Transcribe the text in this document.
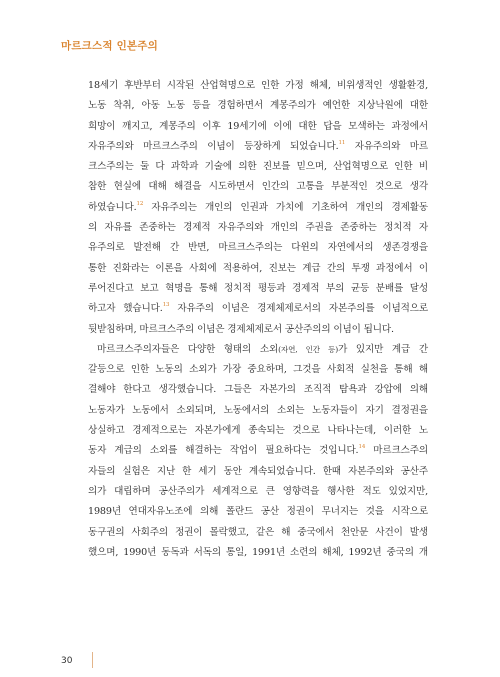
마르크스적 인본주의
18세기 후반부터 시작된 산업혁명으로 인한 가정 해체, 비위생적인 생활환경,
노동 착취, 아동 노동 등을 경험하면서 계몽주의가 예언한 지상낙원에 대한
희망이 깨지고, 계몽주의 이후 19세기에 이에 대한 답을 모색하는 과정에서
자유주의와 마르크스주의 이념이 등장하게 되었습니다.$^{11}$ 자유주의와 마르
크스주의는 둘 다 과학과 기술에 의한 진보를 믿으며, 산업혁명으로 인한 비
참한 현실에 대해 해결을 시도하면서 인간의 고통을 부분적인 것으로 생각
하였습니다.$^{12}$ 자유주의는 개인의 인권과 가치에 기초하여 개인의 경제활동
의 자유를 존중하는 경제적 자유주의와 개인의 주권을 존중하는 정치적 자
유주의로 발전해 간 반면, 마르크스주의는 다윈의 자연에서의 생존경쟁을
통한 진화라는 이론을 사회에 적용하여, 진보는 계급 간의 투쟁 과정에서 이
루어진다고 보고 혁명을 통해 정치적 평등과 경제적 부의 균등 분배를 달성
하고자 했습니다.$^{13}$ 자유주의 이념은 경제체제로서의 자본주의를 이념적으로
뒷받침하며, 마르크스주의 이념은 경제체제로서 공산주의의 이념이 됩니다.
마르크스주의자들은 다양한 형태의 소외(자연, 인간 등)가 있지만 계급 간
갈등으로 인한 노동의 소외가 가장 중요하며, 그것을 사회적 실천을 통해 해
결해야 한다고 생각했습니다. 그들은 자본가의 조직적 탐욕과 강압에 의해
노동자가 노동에서 소외되며, 노동에서의 소외는 노동자들이 자기 결정권을
상실하고 경제적으로는 자본가에게 종속되는 것으로 나타나는데, 이러한 노
동자 계급의 소외를 해결하는 작업이 필요하다는 것입니다.$^{14}$ 마르크스주의
자들의 실험은 지난 한 세기 동안 계속되었습니다. 한때 자본주의와 공산주
의가 대립하며 공산주의가 세계적으로 큰 영향력을 행사한 적도 있었지만,
1989년 연대자유노조에 의해 폴란드 공산 정권이 무너지는 것을 시작으로
동구권의 사회주의 정권이 몰락했고, 같은 해 중국에서 천안문 사건이 발생
했으며, 1990년 동독과 서독의 통일, 1991년 소련의 해체, 1992년 중국의 개
30
